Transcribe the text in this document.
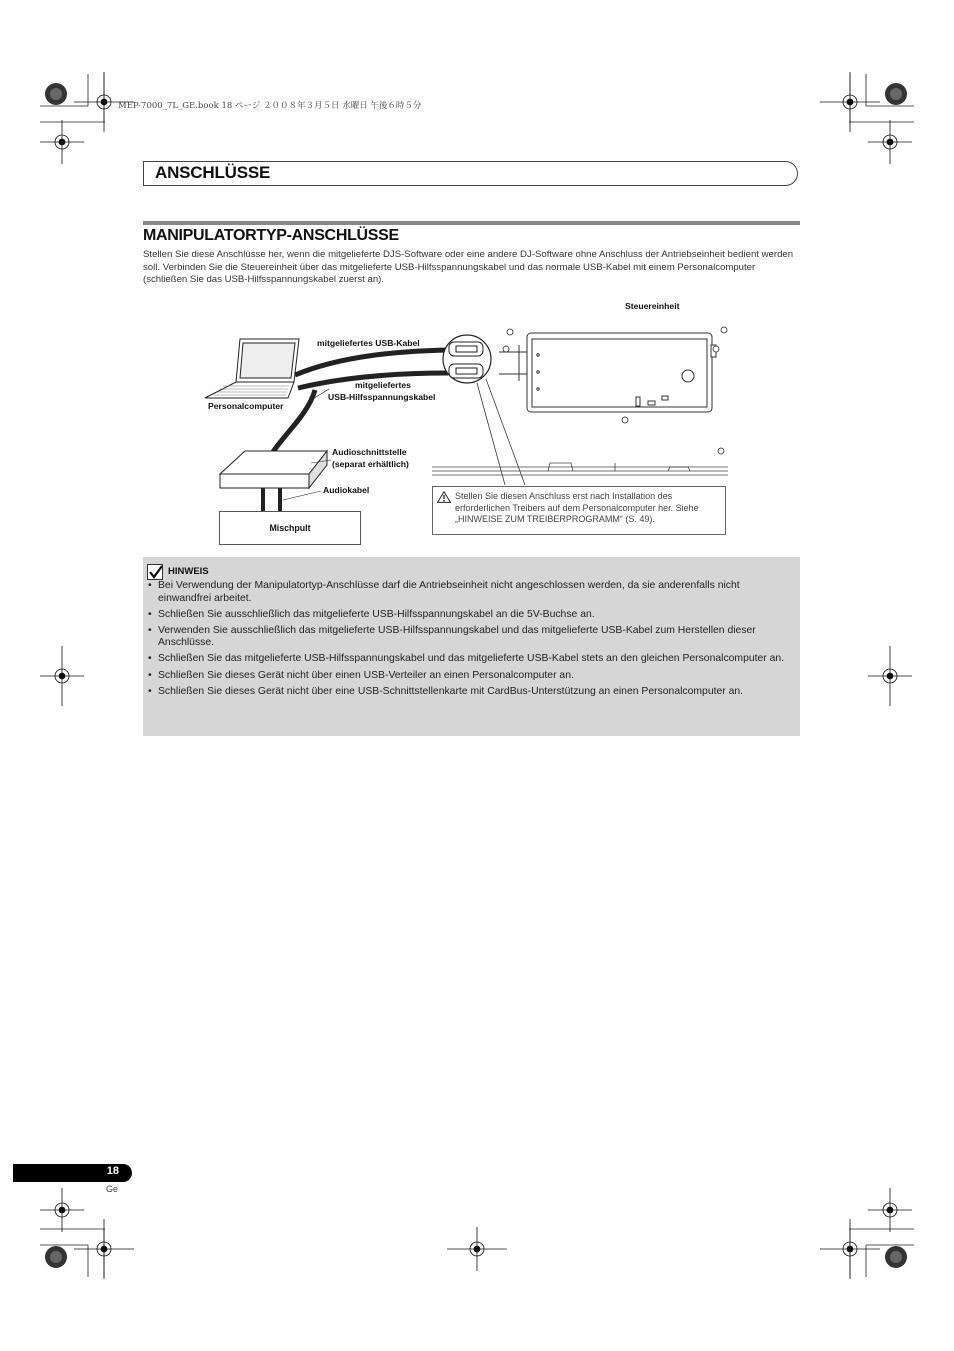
MEP-7000_7L_GE.book 18 ページ ２００８年３月５日 水曜日 午後６時５分
ANSCHLÜSSE
MANIPULATORTYP-ANSCHLÜSSE
Stellen Sie diese Anschlüsse her, wenn die mitgelieferte DJS-Software oder eine andere DJ-Software ohne Anschluss der Antriebseinheit bedient werden soll. Verbinden Sie die Steuereinheit über das mitgelieferte USB-Hilfsspannungskabel und das normale USB-Kabel mit einem Personalcomputer (schließen Sie das USB-Hilfsspannungskabel zuerst an).
Steuereinheit
mitgeliefertes USB-Kabel
mitgeliefertes
USB-Hilfsspannungskabel
Personalcomputer
Audioschnittstelle
(separat erhältlich)
Audiokabel
Mischpult

Stellen Sie diesen Anschluss erst nach Installation des erforderlichen Treibers auf dem Personalcomputer her. Siehe „HINWEISE ZUM TREIBERPROGRAMM“ (S. 49).

HINWEIS
• Bei Verwendung der Manipulatortyp-Anschlüsse darf die Antriebseinheit nicht angeschlossen werden, da sie anderenfalls nicht einwandfrei arbeitet.
• Schließen Sie ausschließlich das mitgelieferte USB-Hilfsspannungskabel an die 5V-Buchse an.
• Verwenden Sie ausschließlich das mitgelieferte USB-Hilfsspannungskabel und das mitgelieferte USB-Kabel zum Herstellen dieser Anschlüsse.
• Schließen Sie das mitgelieferte USB-Hilfsspannungskabel und das mitgelieferte USB-Kabel stets an den gleichen Personalcomputer an.
• Schließen Sie dieses Gerät nicht über einen USB-Verteiler an einen Personalcomputer an.
• Schließen Sie dieses Gerät nicht über eine USB-Schnittstellenkarte mit CardBus-Unterstützung an einen Personalcomputer an.
18
Ge
